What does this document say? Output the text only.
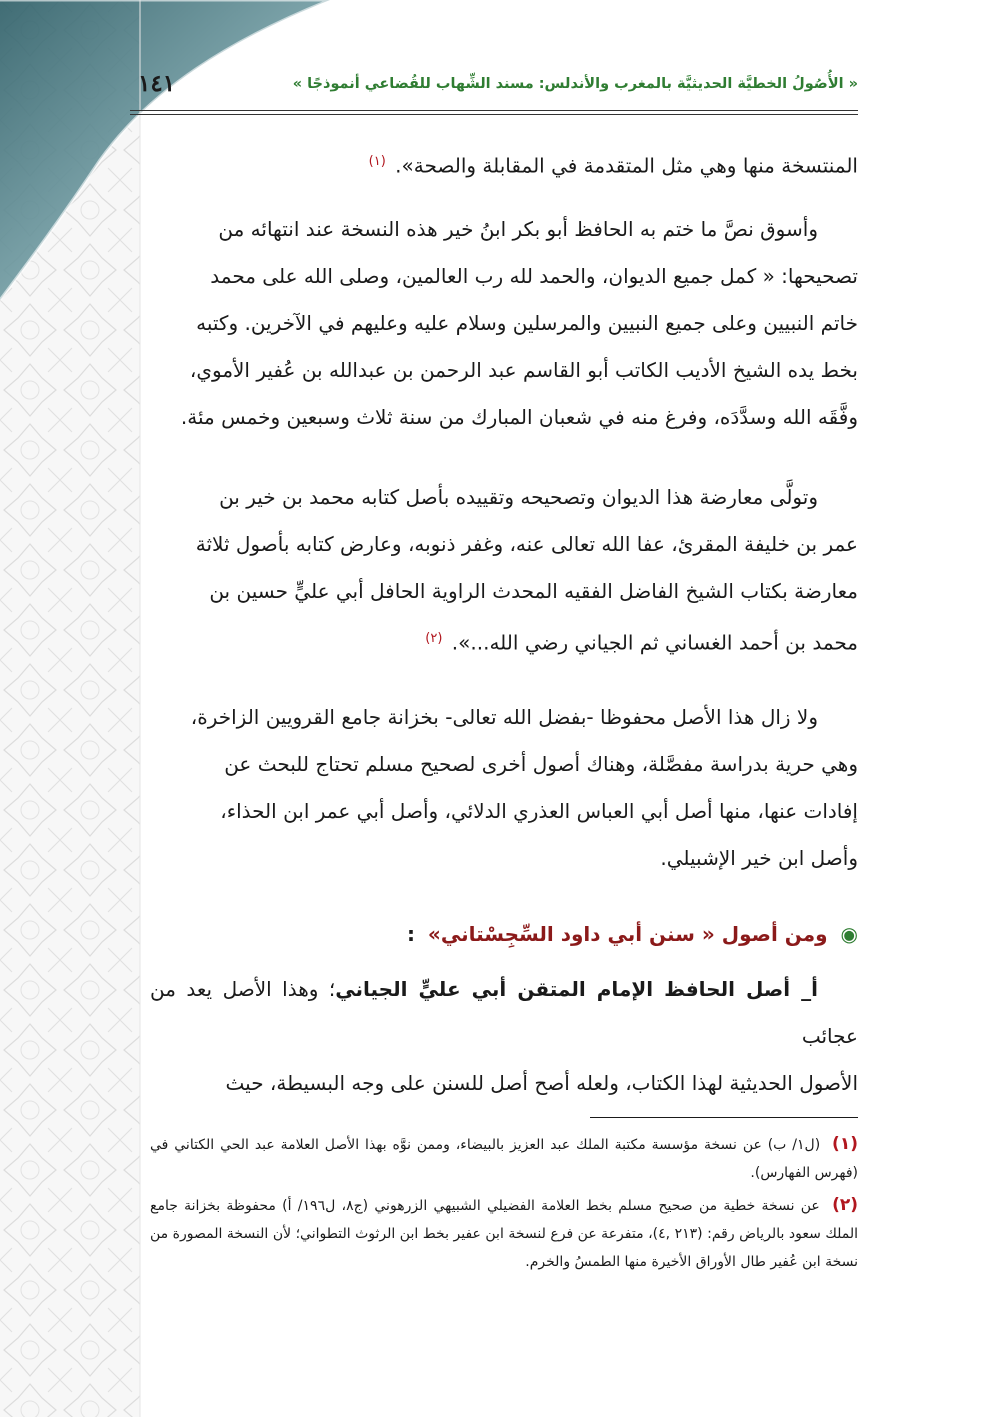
١٤١	« الأُصُولُ الخطيَّة الحديثيَّة بالمغرب والأندلس: مسند الشِّهاب للقُضاعي أنموذجًا »

المنتسخة منها وهي مثل المتقدمة في المقابلة والصحة». $^{(١)}$

وأسوق نصَّ ما ختم به الحافظ أبو بكر ابنُ خير هذه النسخة عند انتهائه من

تصحيحها: « كمل جميع الديوان، والحمد لله رب العالمين، وصلى الله على محمد

خاتم النبيين وعلى جميع النبيين والمرسلين وسلام عليه وعليهم في الآخرين. وكتبه

بخط يده الشيخ الأديب الكاتب أبو القاسم عبد الرحمن بن عبدالله بن عُفير الأموي،

وفَّقَه الله وسدَّدَه، وفرغ منه في شعبان المبارك من سنة ثلاث وسبعين وخمس مئة.

وتولَّى معارضة هذا الديوان وتصحيحه وتقييده بأصل كتابه محمد بن خير بن

عمر بن خليفة المقرئ، عفا الله تعالى عنه، وغفر ذنوبه، وعارض كتابه بأصول ثلاثة

معارضة بكتاب الشيخ الفاضل الفقيه المحدث الراوية الحافل أبي عليٍّ حسين بن

محمد بن أحمد الغساني ثم الجياني رضي الله...». $^{(٢)}$

ولا زال هذا الأصل محفوظا -بفضل الله تعالى- بخزانة جامع القرويين الزاخرة،

وهي حرية بدراسة مفصَّلة، وهناك أصول أخرى لصحيح مسلم تحتاج للبحث عن

إفادات عنها، منها أصل أبي العباس العذري الدلائي، وأصل أبي عمر ابن الحذاء،

وأصل ابن خير الإشبيلي.

◉ ومن أصول « سنن أبي داود السِّجِسْتاني» :

أ_ أصل الحافظ الإمام المتقن أبي عليٍّ الجياني؛ وهذا الأصل يعد من عجائب

الأصول الحديثية لهذا الكتاب، ولعله أصح أصل للسنن على وجه البسيطة، حيث

(١) (ل١/ ب) عن نسخة مؤسسة مكتبة الملك عبد العزيز بالبيضاء، وممن نوَّه بهذا الأصل العلامة عبد الحي الكتاني في (فهرس الفهارس).

(٢) عن نسخة خطية من صحيح مسلم بخط العلامة الفضيلي الشبيهي الزرهوني (ج٨، ل١٩٦/ أ) محفوظة بخزانة جامع الملك سعود بالرياض رقم: (٢١٣ ,٤)، متفرعة عن فرع لنسخة ابن عفير بخط ابن الرثوث التطواني؛ لأن النسخة المصورة من نسخة ابن عُفير طال الأوراق الأخيرة منها الطمسُ والخرم.
